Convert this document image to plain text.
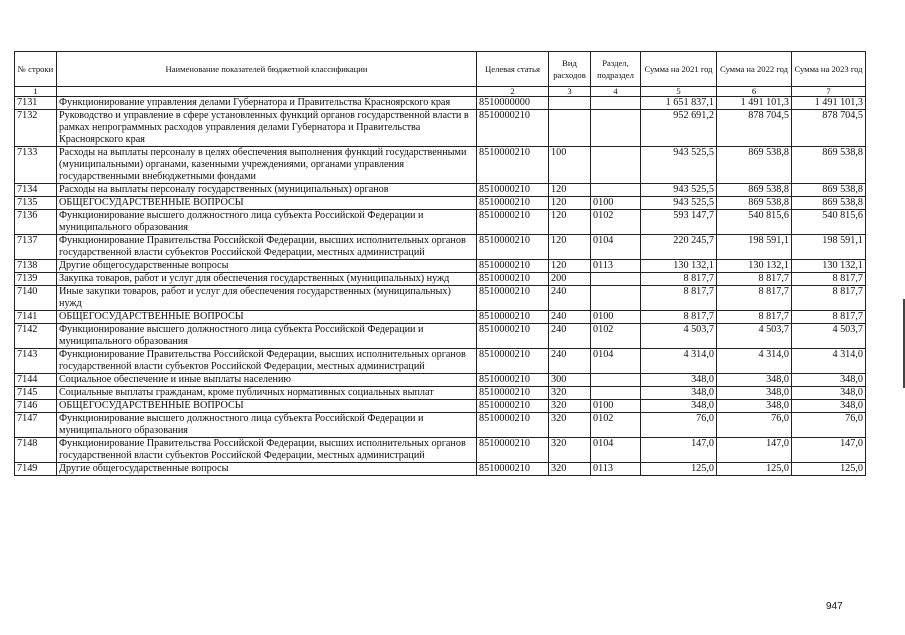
№ строки	Наименование показателей бюджетной классификации	Целевая статья	Вид расходов	Раздел, подраздел	Сумма на 2021 год	Сумма на 2022 год	Сумма на 2023 год
1		2	3	4	5	6	7
7131	Функционирование управления делами Губернатора и Правительства Красноярского края	8510000000			1 651 837,1	1 491 101,3	1 491 101,3
7132	Руководство и управление в сфере установленных функций органов государственной власти в рамках непрограммных расходов управления делами Губернатора и Правительства Красноярского края	8510000210			952 691,2	878 704,5	878 704,5
7133	Расходы на выплаты персоналу в целях обеспечения выполнения функций государственными (муниципальными) органами, казенными учреждениями, органами управления государственными внебюджетными фондами	8510000210	100		943 525,5	869 538,8	869 538,8
7134	Расходы на выплаты персоналу государственных (муниципальных) органов	8510000210	120		943 525,5	869 538,8	869 538,8
7135	ОБЩЕГОСУДАРСТВЕННЫЕ ВОПРОСЫ	8510000210	120	0100	943 525,5	869 538,8	869 538,8
7136	Функционирование высшего должностного лица субъекта Российской Федерации и муниципального образования	8510000210	120	0102	593 147,7	540 815,6	540 815,6
7137	Функционирование Правительства Российской Федерации, высших исполнительных органов государственной власти субъектов Российской Федерации, местных администраций	8510000210	120	0104	220 245,7	198 591,1	198 591,1
7138	Другие общегосударственные вопросы	8510000210	120	0113	130 132,1	130 132,1	130 132,1
7139	Закупка товаров, работ и услуг для обеспечения государственных (муниципальных) нужд	8510000210	200		8 817,7	8 817,7	8 817,7
7140	Иные закупки товаров, работ и услуг для обеспечения государственных (муниципальных) нужд	8510000210	240		8 817,7	8 817,7	8 817,7
7141	ОБЩЕГОСУДАРСТВЕННЫЕ ВОПРОСЫ	8510000210	240	0100	8 817,7	8 817,7	8 817,7
7142	Функционирование высшего должностного лица субъекта Российской Федерации и муниципального образования	8510000210	240	0102	4 503,7	4 503,7	4 503,7
7143	Функционирование Правительства Российской Федерации, высших исполнительных органов государственной власти субъектов Российской Федерации, местных администраций	8510000210	240	0104	4 314,0	4 314,0	4 314,0
7144	Социальное обеспечение и иные выплаты населению	8510000210	300		348,0	348,0	348,0
7145	Социальные выплаты гражданам, кроме публичных нормативных социальных выплат	8510000210	320		348,0	348,0	348,0
7146	ОБЩЕГОСУДАРСТВЕННЫЕ ВОПРОСЫ	8510000210	320	0100	348,0	348,0	348,0
7147	Функционирование высшего должностного лица субъекта Российской Федерации и муниципального образования	8510000210	320	0102	76,0	76,0	76,0
7148	Функционирование Правительства Российской Федерации, высших исполнительных органов государственной власти субъектов Российской Федерации, местных администраций	8510000210	320	0104	147,0	147,0	147,0
7149	Другие общегосударственные вопросы	8510000210	320	0113	125,0	125,0	125,0
947
